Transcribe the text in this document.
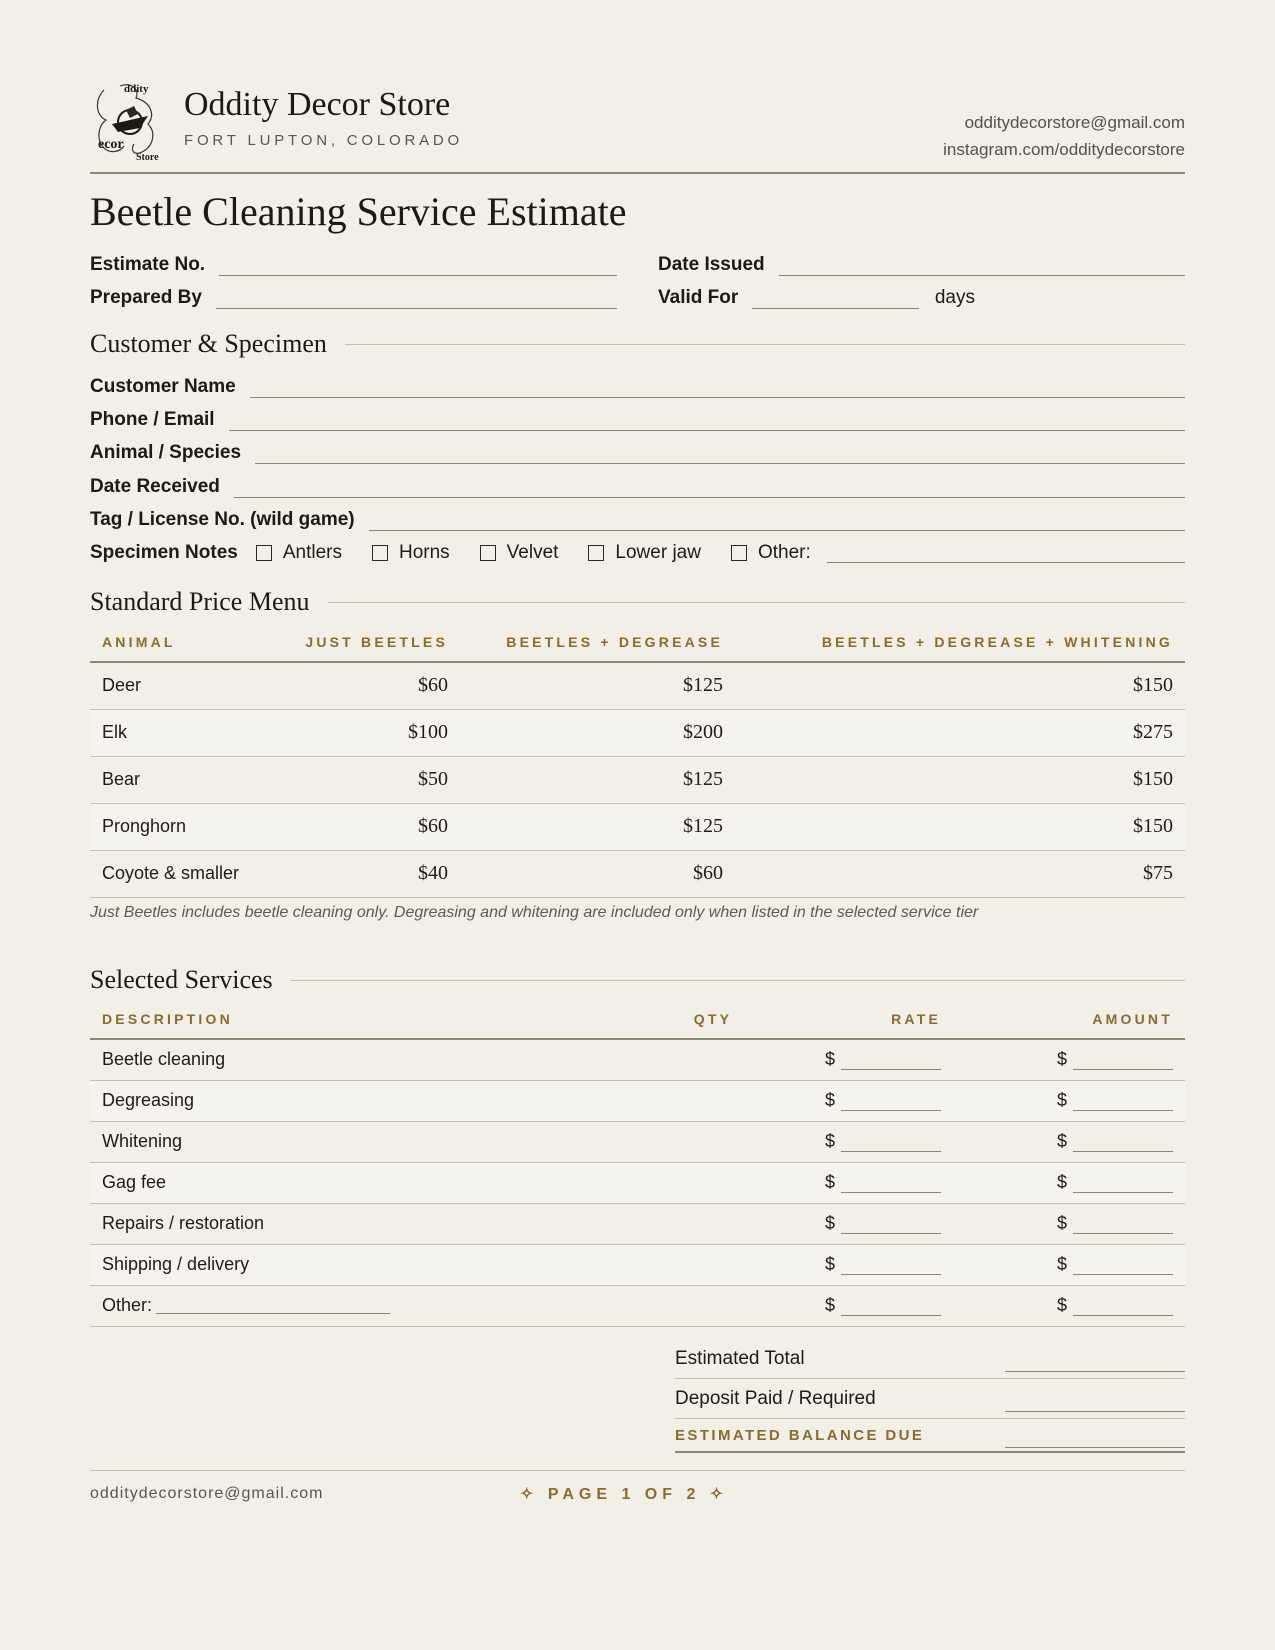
ddity
ecor
Store
Oddity Decor Store
FORT LUPTON, COLORADO
odditydecorstore@gmail.com
instagram.com/odditydecorstore
Beetle Cleaning Service Estimate
Estimate No.	Date Issued
Prepared By	Valid For	days
Customer & Specimen
Customer Name
Phone / Email
Animal / Species
Date Received
Tag / License No. (wild game)
Specimen Notes Antlers	Horns	Velvet	Lower jaw	Other:
Standard Price Menu
ANIMAL	JUST BEETLES	BEETLES + DEGREASE	BEETLES + DEGREASE + WHITENING
Deer	$60	$125	$150
Elk	$100	$200	$275
Bear	$50	$125	$150
Pronghorn	$60	$125	$150
Coyote & smaller	$40	$60	$75
Just Beetles includes beetle cleaning only. Degreasing and whitening are included only when listed in the selected service tier
Selected Services
DESCRIPTION	QTY	RATE	AMOUNT
Beetle cleaning		$	$

Degreasing		$	$

Whitening		$	$

Gag fee		$	$

Repairs / restoration		$	$

Shipping / delivery		$	$

Other:		$	$
Estimated Total
Deposit Paid / Required
ESTIMATED BALANCE DUE
odditydecorstore@gmail.com	✧ PAGE 1 OF 2 ✧
